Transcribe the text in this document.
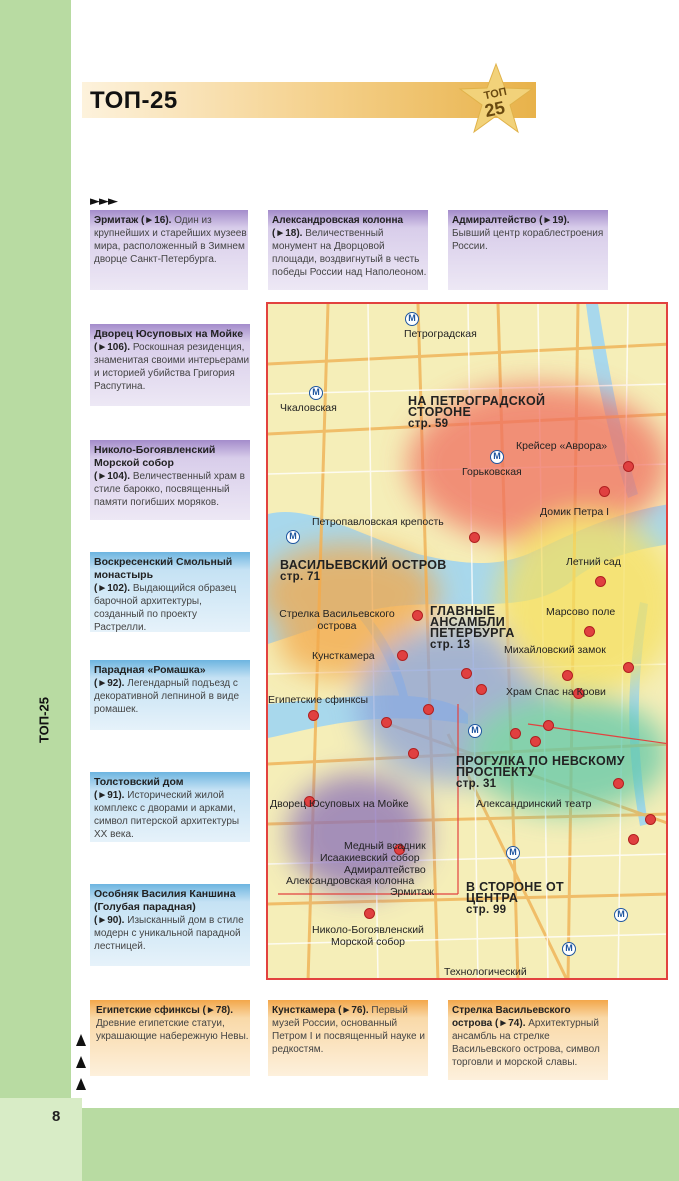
ТОП-25
8
ТОП-25	ТОП
25
►►►
Эрмитаж (►16). Один из крупнейших и старейших музеев мира, расположенный в Зимнем дворце Санкт-Петербурга.
Александровская колонна (►18). Величественный монумент на Дворцовой площади, воздвигнутый в честь победы России над Наполеоном.
Адмиралтейство (►19). Бывший центр кораблестроения России.
Дворец Юсуповых на Мойке
(►106). Роскошная резиденция, знаменитая своими интерьерами и историей убийства Григория Распутина.
Николо-Богоявленский Морской собор
(►104). Величественный храм в стиле барокко, посвященный памяти погибших моряков.
Воскресенский Смольный монастырь
(►102). Выдающийся образец барочной архитектуры, созданный по проекту Растрелли.
Парадная «Ромашка»
(►92). Легендарный подъезд с декоративной лепниной в виде ромашек.
Толстовский дом
(►91). Исторический жилой комплекс с дворами и арками, символ питерской архитектуры XX века.
Особняк Василия Каншина (Голубая парадная)
(►90). Изысканный дом в стиле модерн с уникальной парадной лестницей.
Египетские сфинксы (►78). Древние египетские статуи, украшающие набережную Невы.
Кунсткамера (►76). Первый музей России, основанный Петром I и посвященный науке и редкостям.
Стрелка Васильевского острова (►74). Архитектурный ансамбль на стрелке Васильевского острова, символ торговли и морской славы.
M
M
M
M
M
M
M
М
НА ПЕТРОГРАДСКОЙ СТОРОНЕ
стр. 59
ВАСИЛЬЕВСКИЙ ОСТРОВ
стр. 71
ГЛАВНЫЕ АНСАМБЛИ ПЕТЕРБУРГА
стр. 13
ПРОГУЛКА ПО НЕВСКОМУ ПРОСПЕКТУ
стр. 31
В СТОРОНЕ ОТ ЦЕНТРА
стр. 99
Петроградская
Чкаловская
Крейсер «Аврора»
Горьковская
Домик Петра I
Петропавловская крепость
Летний сад
Стрелка Васильевского острова
Марсово поле
Кунсткамера	Михайловский замок
Храм Спас на Крови
Египетские сфинксы
Дворец Юсуповых на Мойке	Александринский театр
Медный всадник
Исаакиевский собор
Адмиралтейство
Александровская колонна
Эрмитаж
Николо-Богоявленский Морской собор
Технологический
